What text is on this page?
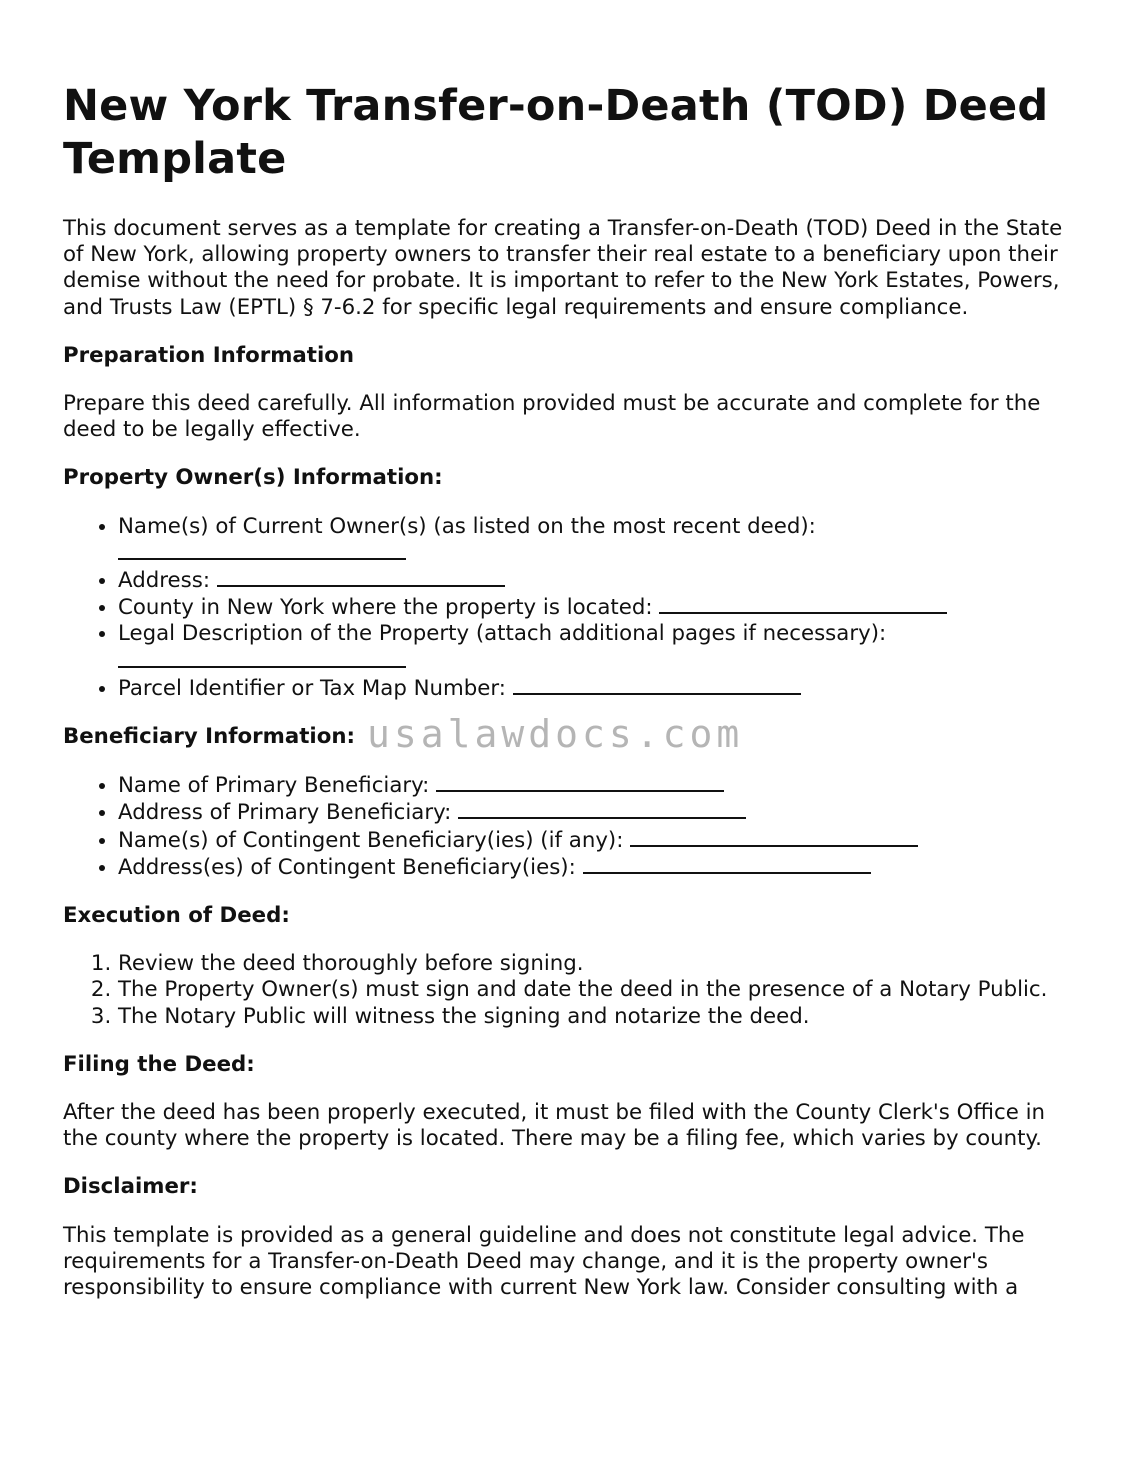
New York Transfer-on-Death (TOD) Deed Template

This document serves as a template for creating a Transfer-on-Death (TOD) Deed in the State of New York, allowing property owners to transfer their real estate to a beneficiary upon their demise without the need for probate. It is important to refer to the New York Estates, Powers, and Trusts Law (EPTL) § 7-6.2 for specific legal requirements and ensure compliance.

Preparation Information

Prepare this deed carefully. All information provided must be accurate and complete for the deed to be legally effective.

Property Owner(s) Information:
• Name(s) of Current Owner(s) (as listed on the most recent deed):
• Address:
• County in New York where the property is located:
• Legal Description of the Property (attach additional pages if necessary):
• Parcel Identifier or Tax Map Number:
Beneficiary Information:
• Name of Primary Beneficiary:
• Address of Primary Beneficiary:
• Name(s) of Contingent Beneficiary(ies) (if any):
• Address(es) of Contingent Beneficiary(ies):
Execution of Deed:
1. Review the deed thoroughly before signing.
2. The Property Owner(s) must sign and date the deed in the presence of a Notary Public.
3. The Notary Public will witness the signing and notarize the deed.
Filing the Deed:

After the deed has been properly executed, it must be filed with the County Clerk's Office in the county where the property is located. There may be a filing fee, which varies by county.

Disclaimer:

This template is provided as a general guideline and does not constitute legal advice. The requirements for a Transfer-on-Death Deed may change, and it is the property owner's responsibility to ensure compliance with current New York law. Consider consulting with a

usalawdocs.com
